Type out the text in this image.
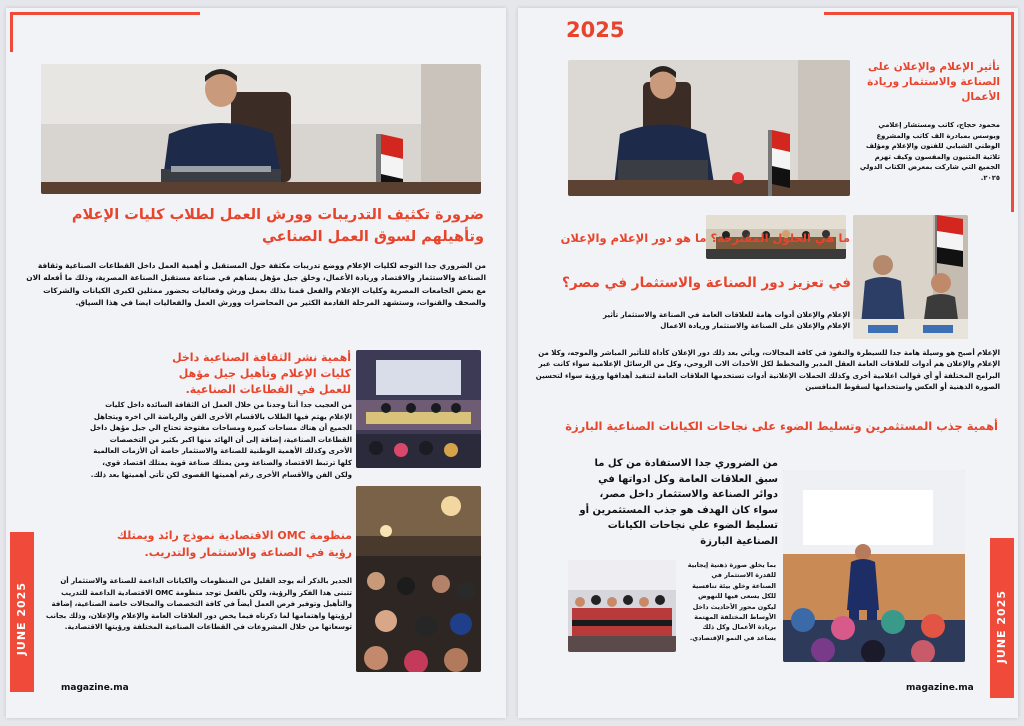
ضرورة تكثيف التدريبات وورش العمل لطلاب كليات الإعلام وتأهيلهم لسوق العمل الصناعي
من الضروري جدا التوجه لكليات الإعلام ووضع تدريبات مكثفة حول المستقبل و أهمية العمل داخل القطاعات الصناعية وثقافة الصناعة والاستثمار والاقتصاد وريادة الأعمال، وخلق جيل مؤهل يساهم في صناعة مستقبل الصناعة المصرية، وذلك ما أفعله الان مع بعض الجامعات المصرية وكليات الإعلام والفعل قمنا بذلك بعمل ورش وفعاليات بحضور ممثلين لكبرى الكيانات والشركات والصحف والقنوات، وستشهد المرحلة القادمة الكثير من المحاضرات وورش العمل والفعاليات ايضا في هذا السياق.
أهمية نشر الثقافة الصناعية داخل كليات الإعلام وتأهيل جيل مؤهل للعمل في القطاعات الصناعية.
من العجيب جدا أننا وجدنا من خلال العمل ان الثقافة السائدة داخل كليات الإعلام يهتم فيها الطلاب بالاقسام الأخرى الفن والرياضة الي اخره ويتجاهل الجميع أن هناك مساحات كبيرة ومساحات مفتوحة تحتاج الي جيل مؤهل داخل القطاعات الصناعية، إضافة إلى أن الهائد منها اكبر بكثير من التخصصات الأخرى وكذلك الأهمية الوطنية للصناعة والاستثمار خاصة أن الأزمات العالمية كلها ترتبط الاقتصاد والصناعة ومن يمتلك صناعة قوية يمتلك اقتصاد قوي، ولكن الفن والأقسام الأخرى رغم أهميتها القصوى لكن تأتي أهميتها بعد ذلك.
منظومة OMC الاقتصادية نموذج رائد ويمتلك رؤية في الصناعة والاستثمار والتدريب.
الجدير بالذكر أنه يوجد القليل من المنظومات والكيانات الداعمة للصناعة والاستثمار أن تتبنى هذا الفكر والرؤية، ولكن بالفعل توجد منظومة OMC الاقتصادية الداعمة للتدريب والتأهيل وتوفير فرص العمل أيضاً في كافة التخصصات والمجالات خاصة الصناعية، إضافة لرؤيتها واهتمامها لما ذكرناه فيما يخص دور العلاقات العامة والإعلام والإعلان، وذلك بجانب توسعاتها من خلال المشروعات في القطاعات الصناعية المختلفة ورؤيتها الاقتصادية.
JUNE 2025
magazine.ma
2025
تأثير الإعلام والإعلان على الصناعة والاستثمار وريادة الأعمال
محمود حجاج، كاتب ومستشار إعلامي وبوسس بمبادرة الف كاتب والمشروع الوطني الشبابي للفنون والإعلام ومؤلف ثلاثية المثنيون والمفسون وكيف تهزم الجميع التي شاركت بمعرض الكتاب الدولي ٢٠٢٥.
ما هي الحلول المقترحة؟ ما هو دور الإعلام والإعلان
في تعزيز دور الصناعة والاستثمار في مصر؟
الإعلام والإعلان أدوات هامة للعلاقات العامة في الصناعة والاستثمار تأثير الإعلام والإعلان على الصناعة والاستثمار وريادة الاعمال
الإعلام أصبح هو وسيلة هامة جدا للسيطرة والنفوذ في كافة المجالات، ويأتي بعد ذلك دور الإعلان كأداة للتأثير المباشر والموجه، وكلا من الإعلام والإعلان هم أدوات للعلاقات العامة العقل المدبر والمخطط لكل الأحداث الاب الروحي، وكل من الرسائل الإعلامية سواء كانت عبر البرامج المختلفة أو أي قوالب اعلامية أخرى وكذلك الحملات الإعلانية أدوات تستخدمها العلاقات العامة لتنفيذ أهدافها ورؤية سواء لتحسين الصورة الذهنية أو العكس واستخدامها لسقوط المنافسين
أهمية جذب المستثمرين وتسليط الضوء على نجاحات الكيانات الصناعية البارزة
من الضروري جدا الاستفادة من كل ما سبق العلاقات العامة وكل ادواتها في دوائر الصناعة والاستثمار داخل مصر، سواء كان الهدف هو جذب المستثمرين أو تسليط الضوء علي نجاحات الكيانات الصناعية البارزة
بما يخلق صورة ذهنية إيجابية للقدرة الاستثمار في الصناعة وخلق بيئة تنافسية للكل يسعى فيها للنهوض ليكون محور الأحاديث داخل الأوساط المختلفة المهتمة بريادة الأعمال وكل ذلك يساعد في النمو الإقتصادي.	JUNE 2025
magazine.ma
